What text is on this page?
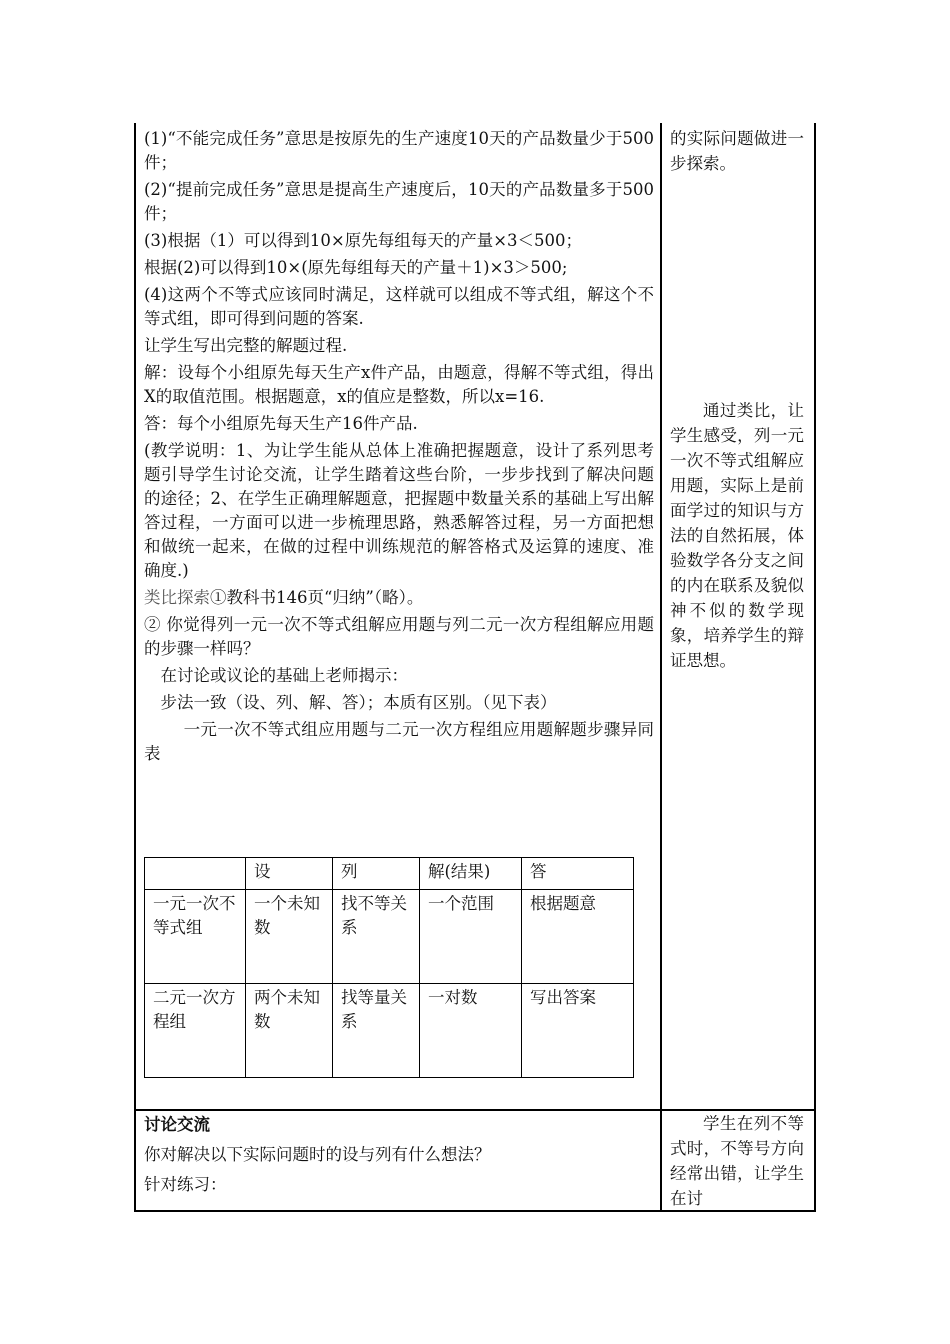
(1)“不能完成任务”意思是按原先的生产速度10天的产品数量少于500件；

(2)“提前完成任务”意思是提高生产速度后，10天的产品数量多于500件；

(3)根据（1）可以得到10×原先每组每天的产量×3＜500；

根据(2)可以得到10×(原先每组每天的产量＋1)×3＞500;

(4)这两个不等式应该同时满足，这样就可以组成不等式组，解这个不等式组，即可得到问题的答案.

让学生写出完整的解题过程.

解：设每个小组原先每天生产x件产品，由题意，得解不等式组，得出X的取值范围。根据题意，x的值应是整数，所以x=16.

答：每个小组原先每天生产16件产品.

(教学说明：1、为让学生能从总体上准确把握题意，设计了系列思考题引导学生讨论交流，让学生踏着这些台阶，一步步找到了解决问题的途径；2、在学生正确理解题意，把握题中数量关系的基础上写出解答过程，一方面可以进一步梳理思路，熟悉解答过程，另一方面把想和做统一起来，在做的过程中训练规范的解答格式及运算的速度、准确度.)

类比探索①教科书146页“归纳”（略）。

② 你觉得列一元一次不等式组解应用题与列二元一次方程组解应用题的步骤一样吗？

在讨论或议论的基础上老师揭示：

步法一致（设、列、解、答）；本质有区别。（见下表）

一元一次不等式组应用题与二元一次方程组应用题解题步骤异同表

	设	列	解(结果)	答
一元一次不等式组	一个未知数	找不等关系	一个范围	根据题意
二元一次方程组	两个未知数	找等量关系	一对数	写出答案

的实际问题做进一步探索。

通过类比，让学生感受，列一元一次不等式组解应用题，实际上是前面学过的知识与方法的自然拓展，体验数学各分支之间的内在联系及貌似神不似的数学现象，培养学生的辩证思想。

讨论交流

你对解决以下实际问题时的设与列有什么想法？

针对练习：

学生在列不等式时，不等号方向经常出错，让学生在讨
